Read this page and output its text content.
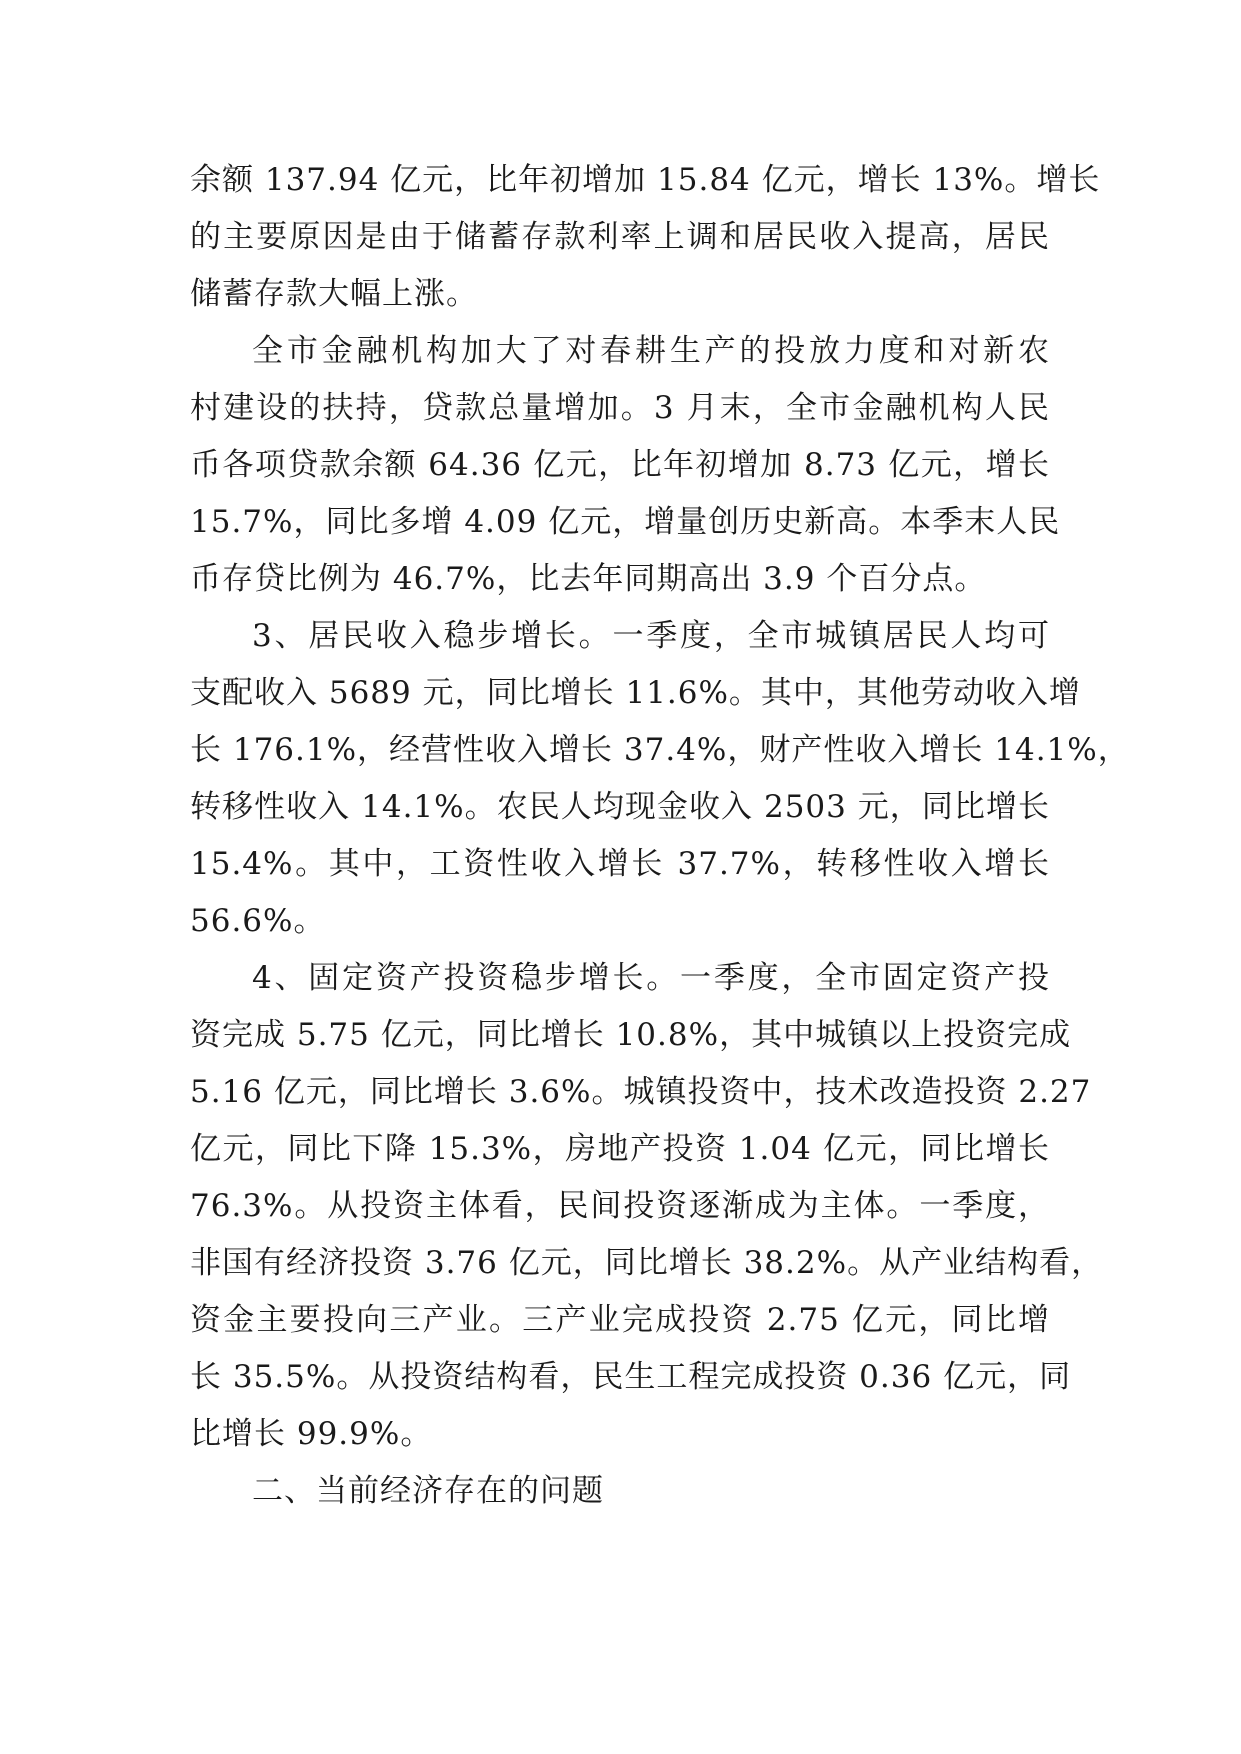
余额 137.94 亿元，比年初增加 15.84 亿元，增长 13%。增长
的主要原因是由于储蓄存款利率上调和居民收入提高，居民
储蓄存款大幅上涨。
全市金融机构加大了对春耕生产的投放力度和对新农
村建设的扶持，贷款总量增加。3 月末，全市金融机构人民
币各项贷款余额 64.36 亿元，比年初增加 8.73 亿元，增长
15.7%，同比多增 4.09 亿元，增量创历史新高。本季末人民
币存贷比例为 46.7%，比去年同期高出 3.9 个百分点。
3、居民收入稳步增长。一季度，全市城镇居民人均可
支配收入 5689 元，同比增长 11.6%。其中，其他劳动收入增
长 176.1%，经营性收入增长 37.4%，财产性收入增长 14.1%，
转移性收入 14.1%。农民人均现金收入 2503 元，同比增长
15.4%。其中，工资性收入增长 37.7%，转移性收入增长
56.6%。
4、固定资产投资稳步增长。一季度，全市固定资产投
资完成 5.75 亿元，同比增长 10.8%，其中城镇以上投资完成
5.16 亿元，同比增长 3.6%。城镇投资中，技术改造投资 2.27
亿元，同比下降 15.3%，房地产投资 1.04 亿元，同比增长
76.3%。从投资主体看，民间投资逐渐成为主体。一季度，
非国有经济投资 3.76 亿元，同比增长 38.2%。从产业结构看，
资金主要投向三产业。三产业完成投资 2.75 亿元，同比增
长 35.5%。从投资结构看，民生工程完成投资 0.36 亿元，同
比增长 99.9%。
二、当前经济存在的问题
